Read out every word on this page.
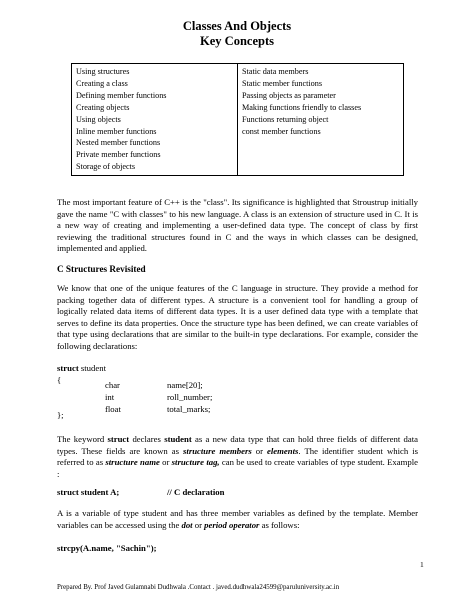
Classes And Objects
Key Concepts
Using structures
Creating a class
Defining member functions
Creating objects
Using objects
Inline member functions
Nested member functions
Private member functions
Storage of objects

Static data members
Static member functions
Passing objects as parameter
Making functions friendly to classes
Functions returning object
const member functions

The most important feature of C++ is the "class". Its significance is highlighted that Stroustrup initially gave the name "C with classes" to his new language. A class is an extension of structure used in C. It is a new way of creating and implementing a user-defined data type. The concept of class by first reviewing the traditional structures found in C and the ways in which classes can be designed, implemented and applied.

C Structures Revisited

We know that one of the unique features of the C language in structure. They provide a method for packing together data of different types. A structure is a convenient tool for handling a group of logically related data items of different data types. It is a user defined data type with a template that serves to define its data properties. Once the structure type has been defined, we can create variables of that type using declarations that are similar to the built-in type declarations. For example, consider the following declarations:

struct student
{	char	name[20];
int	roll_number;
float	total_marks;
};

The keyword struct declares student as a new data type that can hold three fields of different data types. These fields are known as structure members or elements. The identifier student which is referred to as structure name or structure tag, can be used to create variables of type student. Example :

struct student A;	// C declaration

A is a variable of type student and has three member variables as defined by the template. Member variables can be accessed using the dot or period operator as follows:

strcpy(A.name, "Sachin");
1
Prepared By. Prof Javed Gulamnabi Dudhwala .Contact . javed.dudhwala24599@paruluniversity.ac.in
